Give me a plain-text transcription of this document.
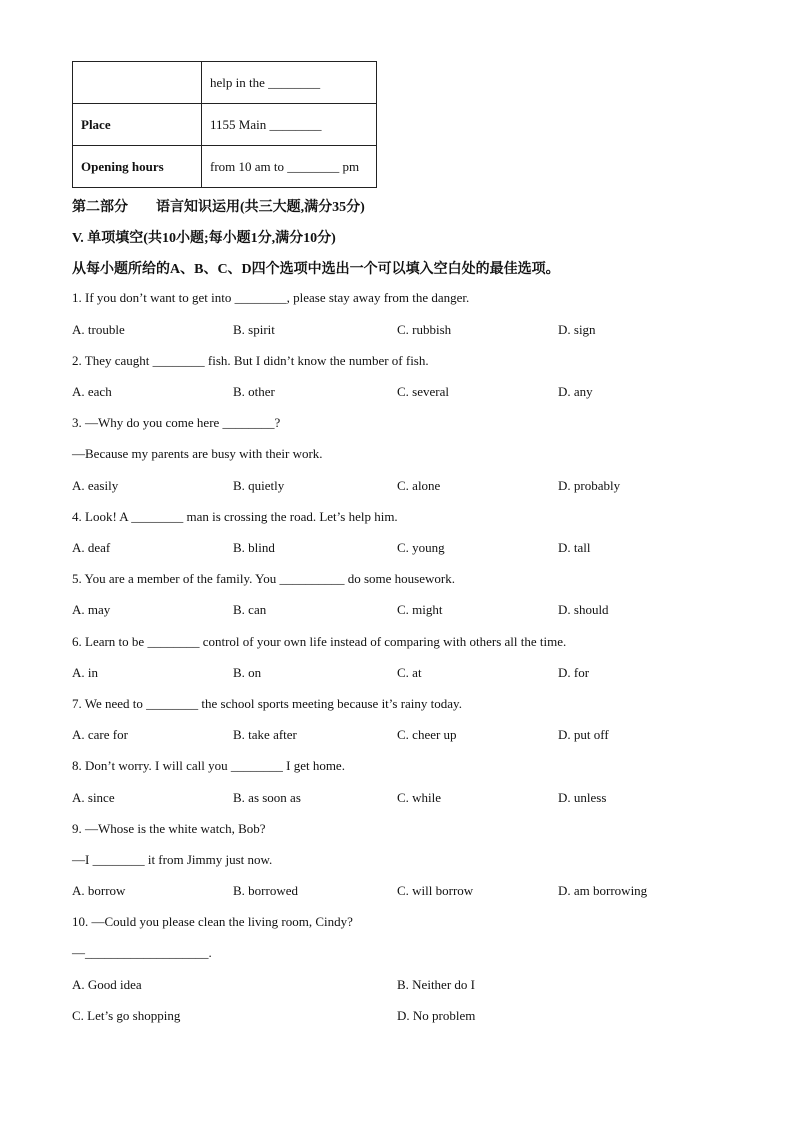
	help in the ________
Place	1155 Main ________
Opening hours	from 10 am to ________ pm
第二部分　　语言知识运用(共三大题,满分35分)
V. 单项填空(共10小题;每小题1分,满分10分)
从每小题所给的A、B、C、D四个选项中选出一个可以填入空白处的最佳选项。
1. If you don’t want to get into ________, please stay away from the danger.
A. trouble	B. spirit	C. rubbish	D. sign
2. They caught ________ fish. But I didn’t know the number of fish.
A. each	B. other	C. several	D. any
3. —Why do you come here ________?
—Because my parents are busy with their work.
A. easily	B. quietly	C. alone	D. probably
4. Look! A ________ man is crossing the road. Let’s help him.
A. deaf	B. blind	C. young	D. tall
5. You are a member of the family. You __________ do some housework.
A. may	B. can	C. might	D. should
6. Learn to be ________ control of your own life instead of comparing with others all the time.
A. in	B. on	C. at	D. for
7. We need to ________ the school sports meeting because it’s rainy today.
A. care for	B. take after	C. cheer up	D. put off
8. Don’t worry. I will call you ________ I get home.
A. since	B. as soon as	C. while	D. unless
9. —Whose is the white watch, Bob?
—I ________ it from Jimmy just now.
A. borrow	B. borrowed	C. will borrow	D. am borrowing
10. —Could you please clean the living room, Cindy?
—___________________.
A. Good idea	B. Neither do I
C. Let’s go shopping	D. No problem
